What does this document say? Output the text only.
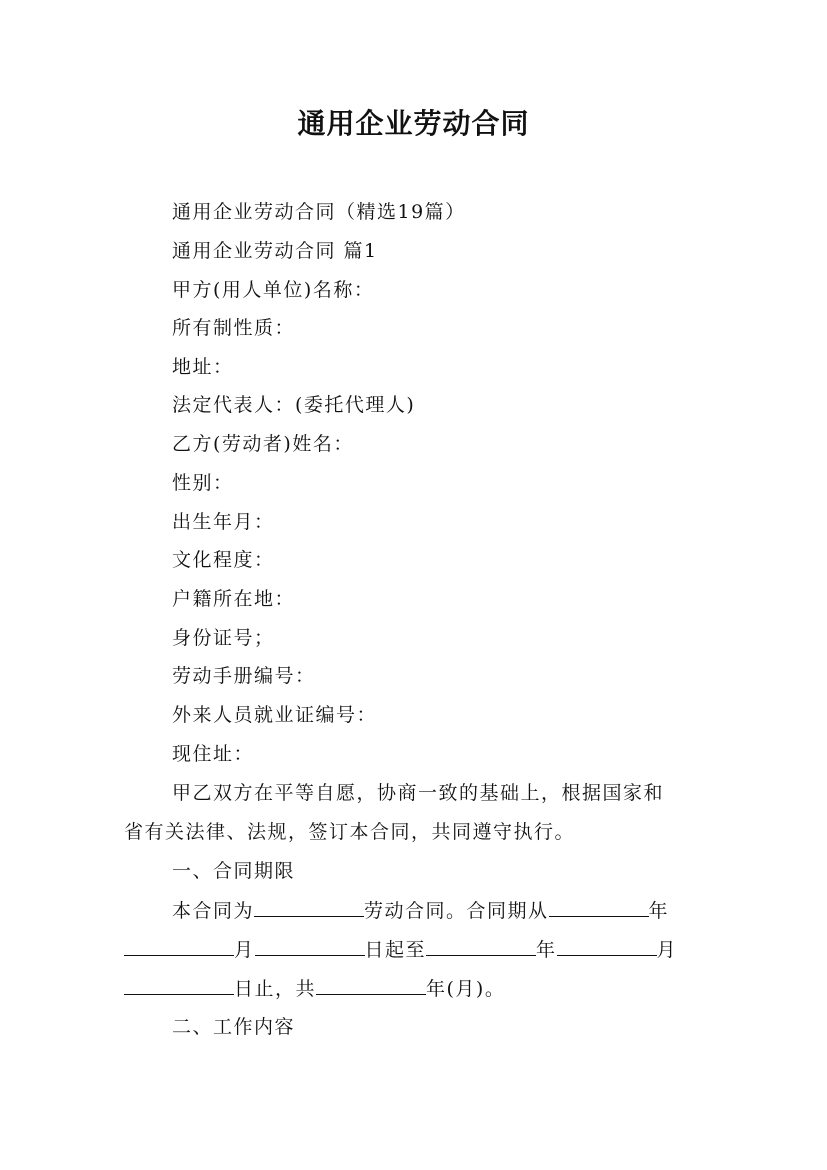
通用企业劳动合同
通用企业劳动合同（精选19篇）
通用企业劳动合同 篇1
甲方(用人单位)名称：
所有制性质：
地址：
法定代表人：(委托代理人)
乙方(劳动者)姓名：
性别：
出生年月：
文化程度：
户籍所在地：
身份证号；
劳动手册编号：
外来人员就业证编号：
现住址：
甲乙双方在平等自愿，协商一致的基础上，根据国家和
省有关法律、法规，签订本合同，共同遵守执行。
一、合同期限
本合同为	劳动合同。合同期从	年
月	日起至	年	月
日止，共	年(月)。
二、工作内容
